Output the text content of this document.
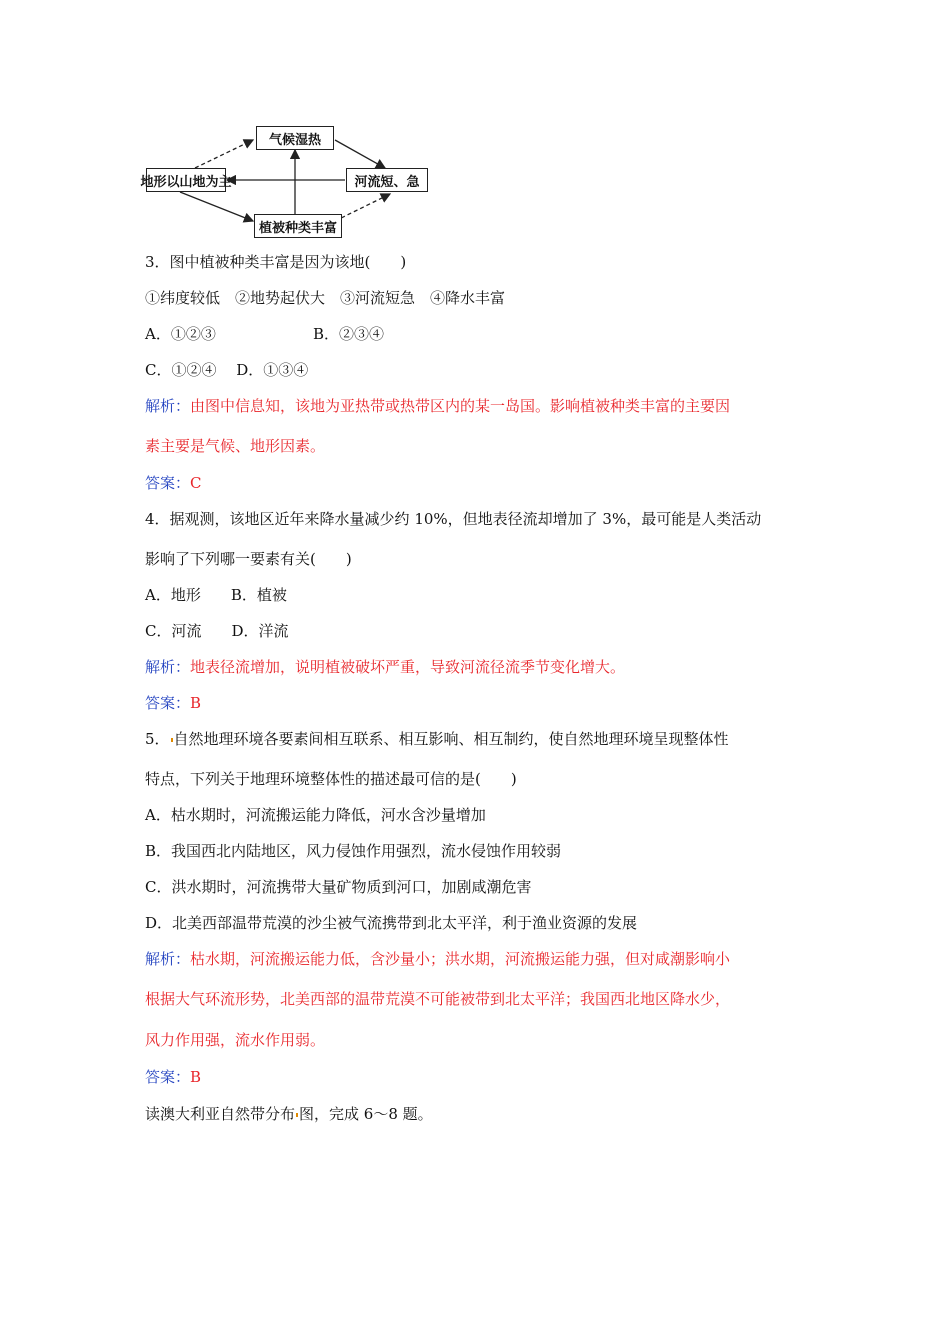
气候湿热
地形以山地为主	河流短、急
植被种类丰富
3．图中植被种类丰富是因为该地(　　)
①纬度较低　②地势起伏大　③河流短急　④降水丰富
A．①②③	B．②③④
C．①②④　 D．①③④
解析：由图中信息知，该地为亚热带或热带区内的某一岛国。影响植被种类丰富的主要因
素主要是气候、地形因素。
答案：C
4．据观测，该地区近年来降水量减少约 10%，但地表径流却增加了 3%，最可能是人类活动
影响了下列哪一要素有关(　　)
A．地形　　B．植被
C．河流　　D．洋流
解析：地表径流增加，说明植被破坏严重，导致河流径流季节变化增大。
答案：B
5． 自然地理环境各要素间相互联系、相互影响、相互制约，使自然地理环境呈现整体性
特点，下列关于地理环境整体性的描述最可信的是(　　)
A．枯水期时，河流搬运能力降低，河水含沙量增加
B．我国西北内陆地区，风力侵蚀作用强烈，流水侵蚀作用较弱
C．洪水期时，河流携带大量矿物质到河口，加剧咸潮危害
D．北美西部温带荒漠的沙尘被气流携带到北太平洋，利于渔业资源的发展
解析：枯水期，河流搬运能力低，含沙量小；洪水期，河流搬运能力强，但对咸潮影响小
根据大气环流形势，北美西部的温带荒漠不可能被带到北太平洋；我国西北地区降水少，
风力作用强，流水作用弱。
答案：B
读澳大利亚自然带分布 图，完成 6～8 题。
